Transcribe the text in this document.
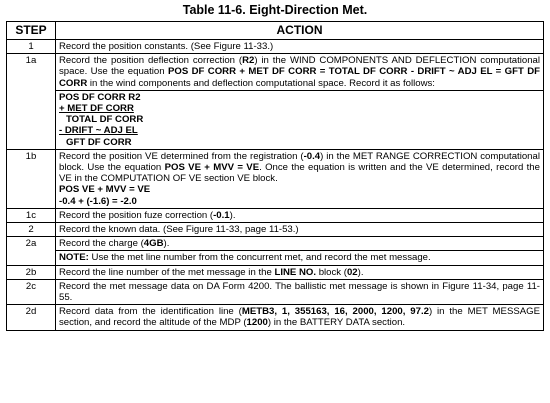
Table 11-6. Eight-Direction Met.
STEP	ACTION
1	Record the position constants. (See Figure 11-33.)
1a	Record the position deflection correction (R2) in the WIND COMPONENTS AND DEFLECTION computational space. Use the equation POS DF CORR + MET DF CORR = TOTAL DF CORR - DRIFT ~ ADJ EL = GFT DF CORR in the wind components and deflection computational space. Record it as follows:

	POS DF CORR R2
+ MET DF CORR
TOTAL DF CORR
- DRIFT ~ ADJ EL
GFT DF CORR

1b	Record the position VE determined from the registration (-0.4) in the MET RANGE CORRECTION computational block. Use the equation POS VE + MVV = VE. Once the equation is written and the VE determined, record the VE in the COMPUTATION OF VE section VE block.
POS VE + MVV = VE
-0.4 + (-1.6) = -2.0

1c	Record the position fuze correction (-0.1).
2	Record the known data. (See Figure 11-33, page 11-53.)
2a	Record the charge (4GB).
	NOTE: Use the met line number from the concurrent met, and record the met message.
2b	Record the line number of the met message in the LINE NO. block (02).
2c	Record the met message data on DA Form 4200. The ballistic met message is shown in Figure 11-34, page 11-55.
2d	Record data from the identification line (METB3, 1, 355163, 16, 2000, 1200, 97.2) in the MET MESSAGE section, and record the altitude of the MDP (1200) in the BATTERY DATA section.
